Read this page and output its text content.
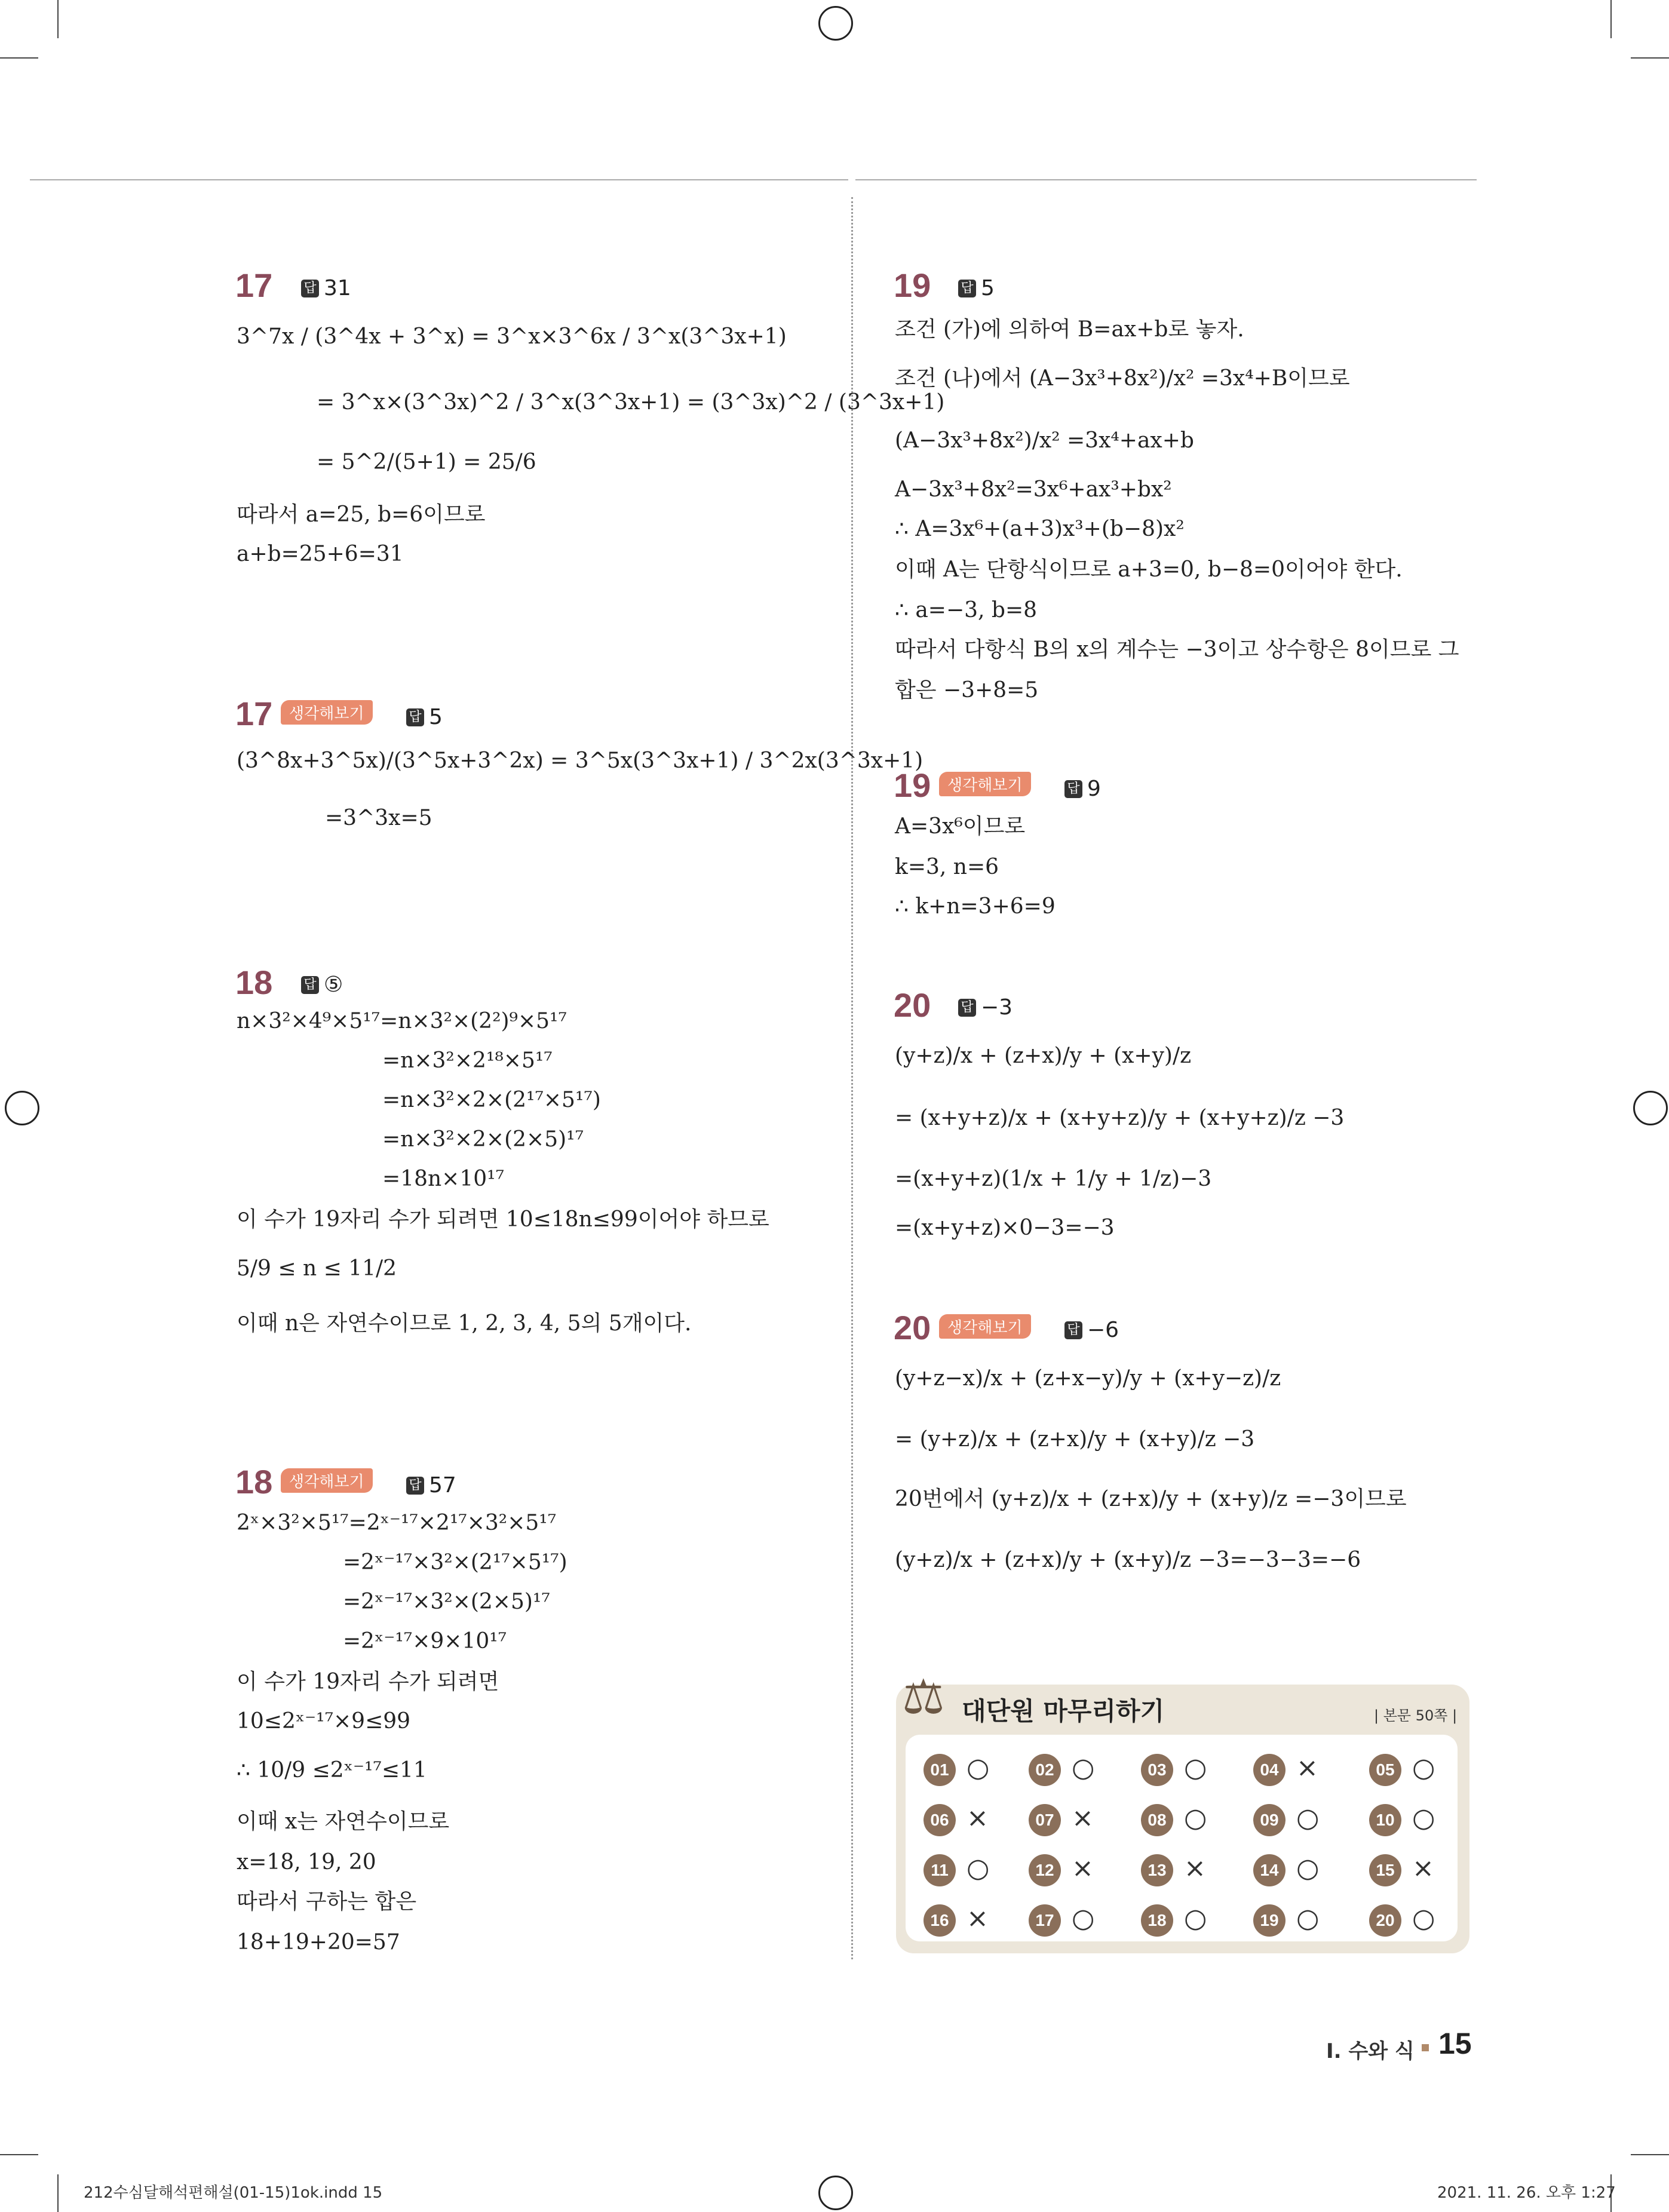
17 답 31
3^7x / (3^4x + 3^x) = 3^x×3^6x / 3^x(3^3x+1)
= 3^x×(3^3x)^2 / 3^x(3^3x+1) = (3^3x)^2 / (3^3x+1)
= 5^2/(5+1) = 25/6
따라서 a=25, b=6이므로
a+b=25+6=31
17	생각해보기	답 5
(3^8x+3^5x)/(3^5x+3^2x) = 3^5x(3^3x+1) / 3^2x(3^3x+1)
=3^3x=5
18 답 ⑤
n×3²×4⁹×5¹⁷=n×3²×(2²)⁹×5¹⁷
=n×3²×2¹⁸×5¹⁷
=n×3²×2×(2¹⁷×5¹⁷)
=n×3²×2×(2×5)¹⁷
=18n×10¹⁷
이 수가 19자리 수가 되려면 10≤18n≤99이어야 하므로
5/9 ≤ n ≤ 11/2
이때 n은 자연수이므로 1, 2, 3, 4, 5의 5개이다.
18	생각해보기	답 57
2ˣ×3²×5¹⁷=2ˣ⁻¹⁷×2¹⁷×3²×5¹⁷
=2ˣ⁻¹⁷×3²×(2¹⁷×5¹⁷)
=2ˣ⁻¹⁷×3²×(2×5)¹⁷
=2ˣ⁻¹⁷×9×10¹⁷
이 수가 19자리 수가 되려면
10≤2ˣ⁻¹⁷×9≤99
∴ 10/9 ≤2ˣ⁻¹⁷≤11
이때 x는 자연수이므로
x=18, 19, 20
따라서 구하는 합은
18+19+20=57
19 답 5
조건 (가)에 의하여 B=ax+b로 놓자.
조건 (나)에서 (A−3x³+8x²)/x² =3x⁴+B이므로
(A−3x³+8x²)/x² =3x⁴+ax+b
A−3x³+8x²=3x⁶+ax³+bx²
∴ A=3x⁶+(a+3)x³+(b−8)x²
이때 A는 단항식이므로 a+3=0, b−8=0이어야 한다.
∴ a=−3, b=8
따라서 다항식 B의 x의 계수는 −3이고 상수항은 8이므로 그
합은 −3+8=5
19	생각해보기	답 9
A=3x⁶이므로
k=3, n=6
∴ k+n=3+6=9
20 답 −3
(y+z)/x + (z+x)/y + (x+y)/z
= (x+y+z)/x + (x+y+z)/y + (x+y+z)/z −3
=(x+y+z)(1/x + 1/y + 1/z)−3
=(x+y+z)×0−3=−3
20	생각해보기	답 −6
(y+z−x)/x + (z+x−y)/y + (x+y−z)/z
= (y+z)/x + (z+x)/y + (x+y)/z −3
20번에서 (y+z)/x + (z+x)/y + (x+y)/z =−3이므로
(y+z)/x + (z+x)/y + (x+y)/z −3=−3−3=−6
⚖ 대단원 마무리하기	| 본문 50쪽 |
I. 수와 식 15
212수심달해석편해설(01-15)1ok.indd 15	2021. 11. 26. 오후 1:27
01 ○	02 ○	03 ○	04 ×	05 ○
06 ×	07 ×	08 ○	09 ○	10 ○
11 ○	12 ×	13 ×	14 ○	15 ×
16 ×	17 ○	18 ○	19 ○	20 ○
